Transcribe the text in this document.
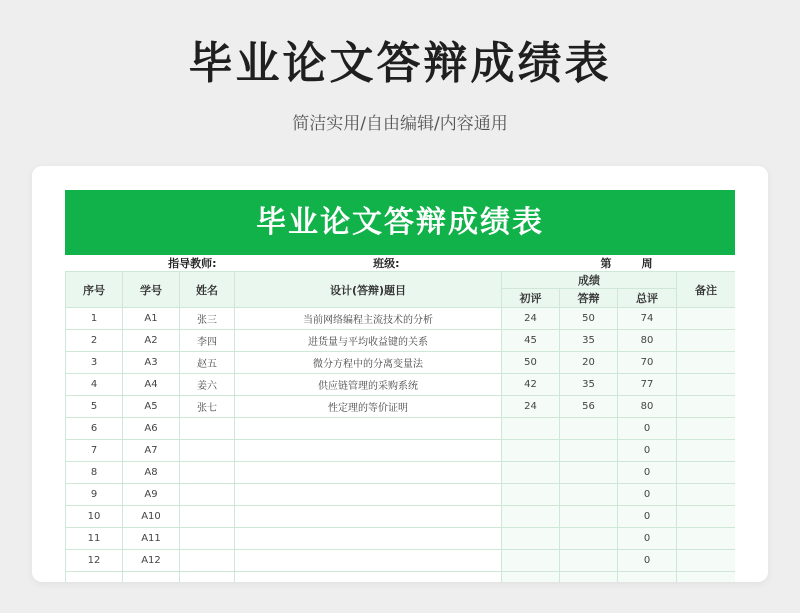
毕业论文答辩成绩表
简洁实用/自由编辑/内容通用
毕业论文答辩成绩表
指导教师:			班级:	第		周	
序号	学号	姓名	设计(答辩)题目	成绩			备注
				初评	答辩	总评	
1	A1	张三	当前网络编程主流技术的分析	24	50	74	
2	A2	李四	进货量与平均收益键的关系	45	35	80	
3	A3	赵五	微分方程中的分离变量法	50	20	70	
4	A4	姜六	供应链管理的采购系统	42	35	77	
5	A5	张七	性定理的等价证明	24	56	80	
6	A6					0	
7	A7					0	
8	A8					0	
9	A9					0	
10	A10					0	
11	A11					0	
12	A12					0	
